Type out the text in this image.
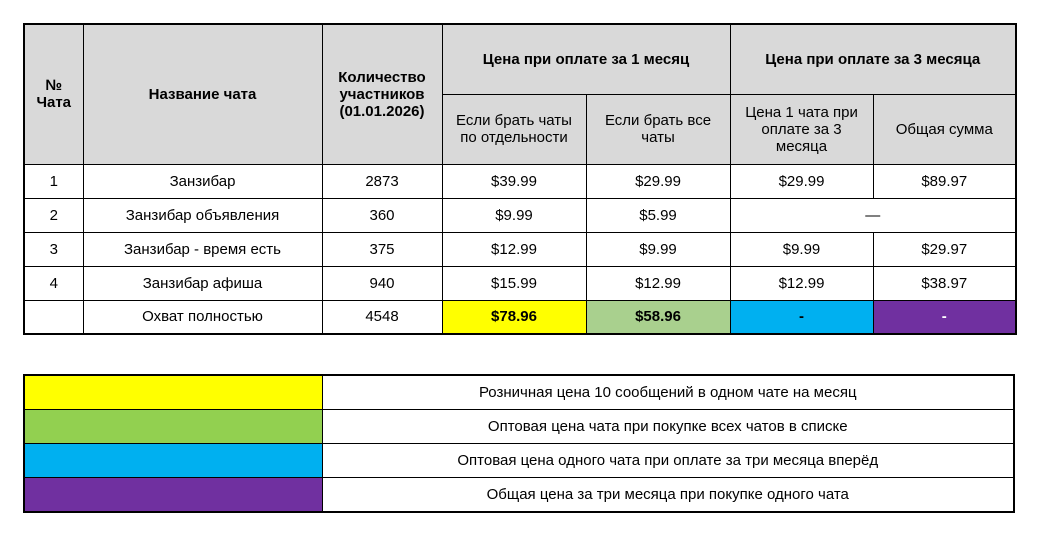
№ Чата	Название чата	Количество участников (01.01.2026)	Цена при оплате за 1 месяц		Цена при оплате за 3 месяца	
			Если брать чаты по отдельности	Если брать все чаты	Цена 1 чата при оплате за 3 месяца	Общая сумма
1	Занзибар	2873	$39.99	$29.99	$29.99	$89.97
2	Занзибар объявления	360	$9.99	$5.99	—	
3	Занзибар - время есть	375	$12.99	$9.99	$9.99	$29.97
4	Занзибар афиша	940	$15.99	$12.99	$12.99	$38.97
	Охват полностью	4548	$78.96	$58.96	-	-
	Розничная цена 10 сообщений в одном чате на месяц
	Оптовая цена чата при покупке всех чатов в списке
	Оптовая цена одного чата при оплате за три месяца вперёд
	Общая цена за три месяца при покупке одного чата
